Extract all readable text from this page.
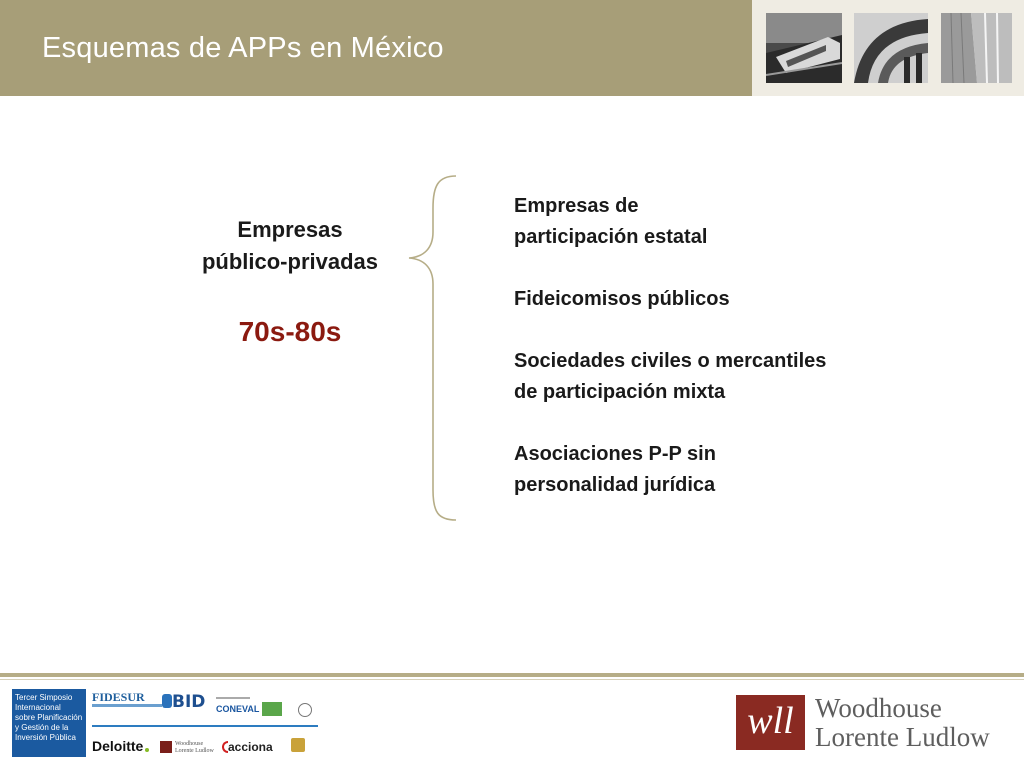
Esquemas de APPs en México
Empresas
público-privadas
70s-80s
Empresas de
participación estatal
Fideicomisos públicos
Sociedades civiles o mercantiles
de participación mixta
Asociaciones P-P sin
personalidad jurídica
Tercer Simposio Internacional sobre Planificación y Gestión de la Inversión Pública
FIDESUR BID CONEVAL
Deloitte	Woodhouse Lorente Ludlow acciona
wll Woodhouse
Lorente Ludlow
